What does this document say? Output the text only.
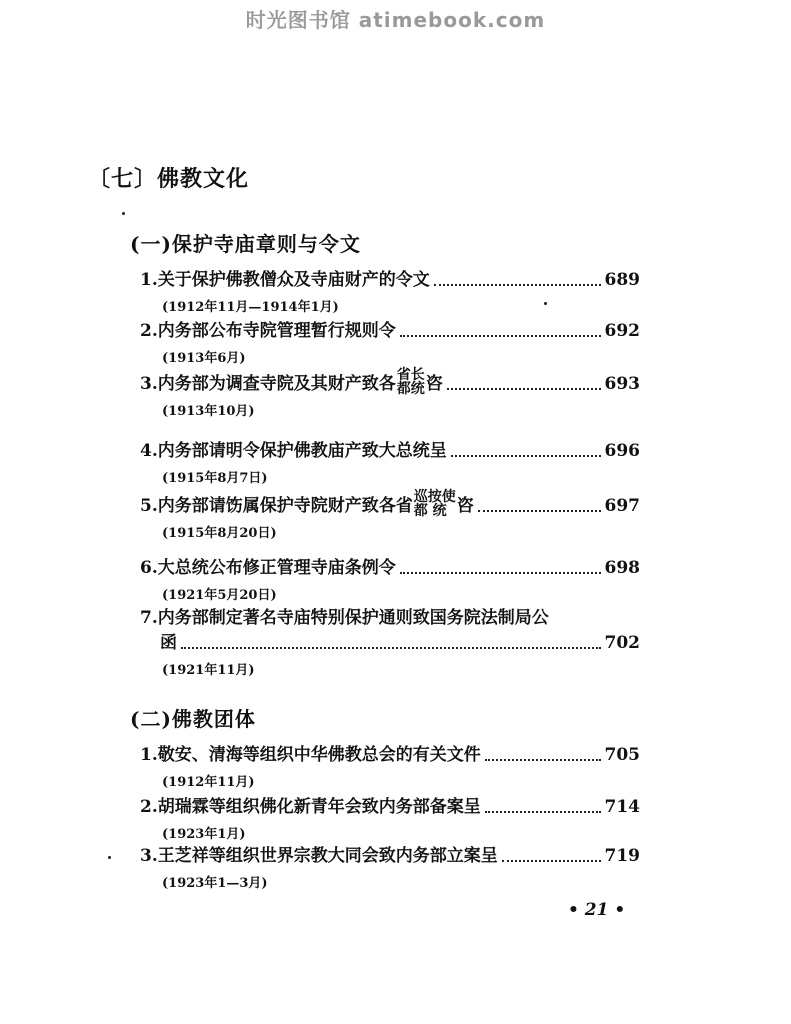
时光图书馆 atimebook.com
〔七〕佛教文化
(一)保护寺庙章则与令文
1.关于保护佛教僧众及寺庙财产的令文	689
(1912年11月—1914年1月)
2.内务部公布寺院管理暂行规则令	692
(1913年6月)
3.内务部为调查寺院及其财产致各 省长
都统 咨	693
(1913年10月)
4.内务部请明令保护佛教庙产致大总统呈	696
(1915年8月7日)
5.内务部请饬属保护寺院财产致各省 巡按使
都 统 咨	697
(1915年8月20日)
6.大总统公布修正管理寺庙条例令	698
(1921年5月20日)
7.内务部制定著名寺庙特别保护通则致国务院法制局公
函	702
(1921年11月)
(二)佛教团体
1.敬安、清海等组织中华佛教总会的有关文件	705
(1912年11月)
2.胡瑞霖等组织佛化新青年会致内务部备案呈	714
(1923年1月)
3.王芝祥等组织世界宗教大同会致内务部立案呈	719
(1923年1—3月)
• 21 •
